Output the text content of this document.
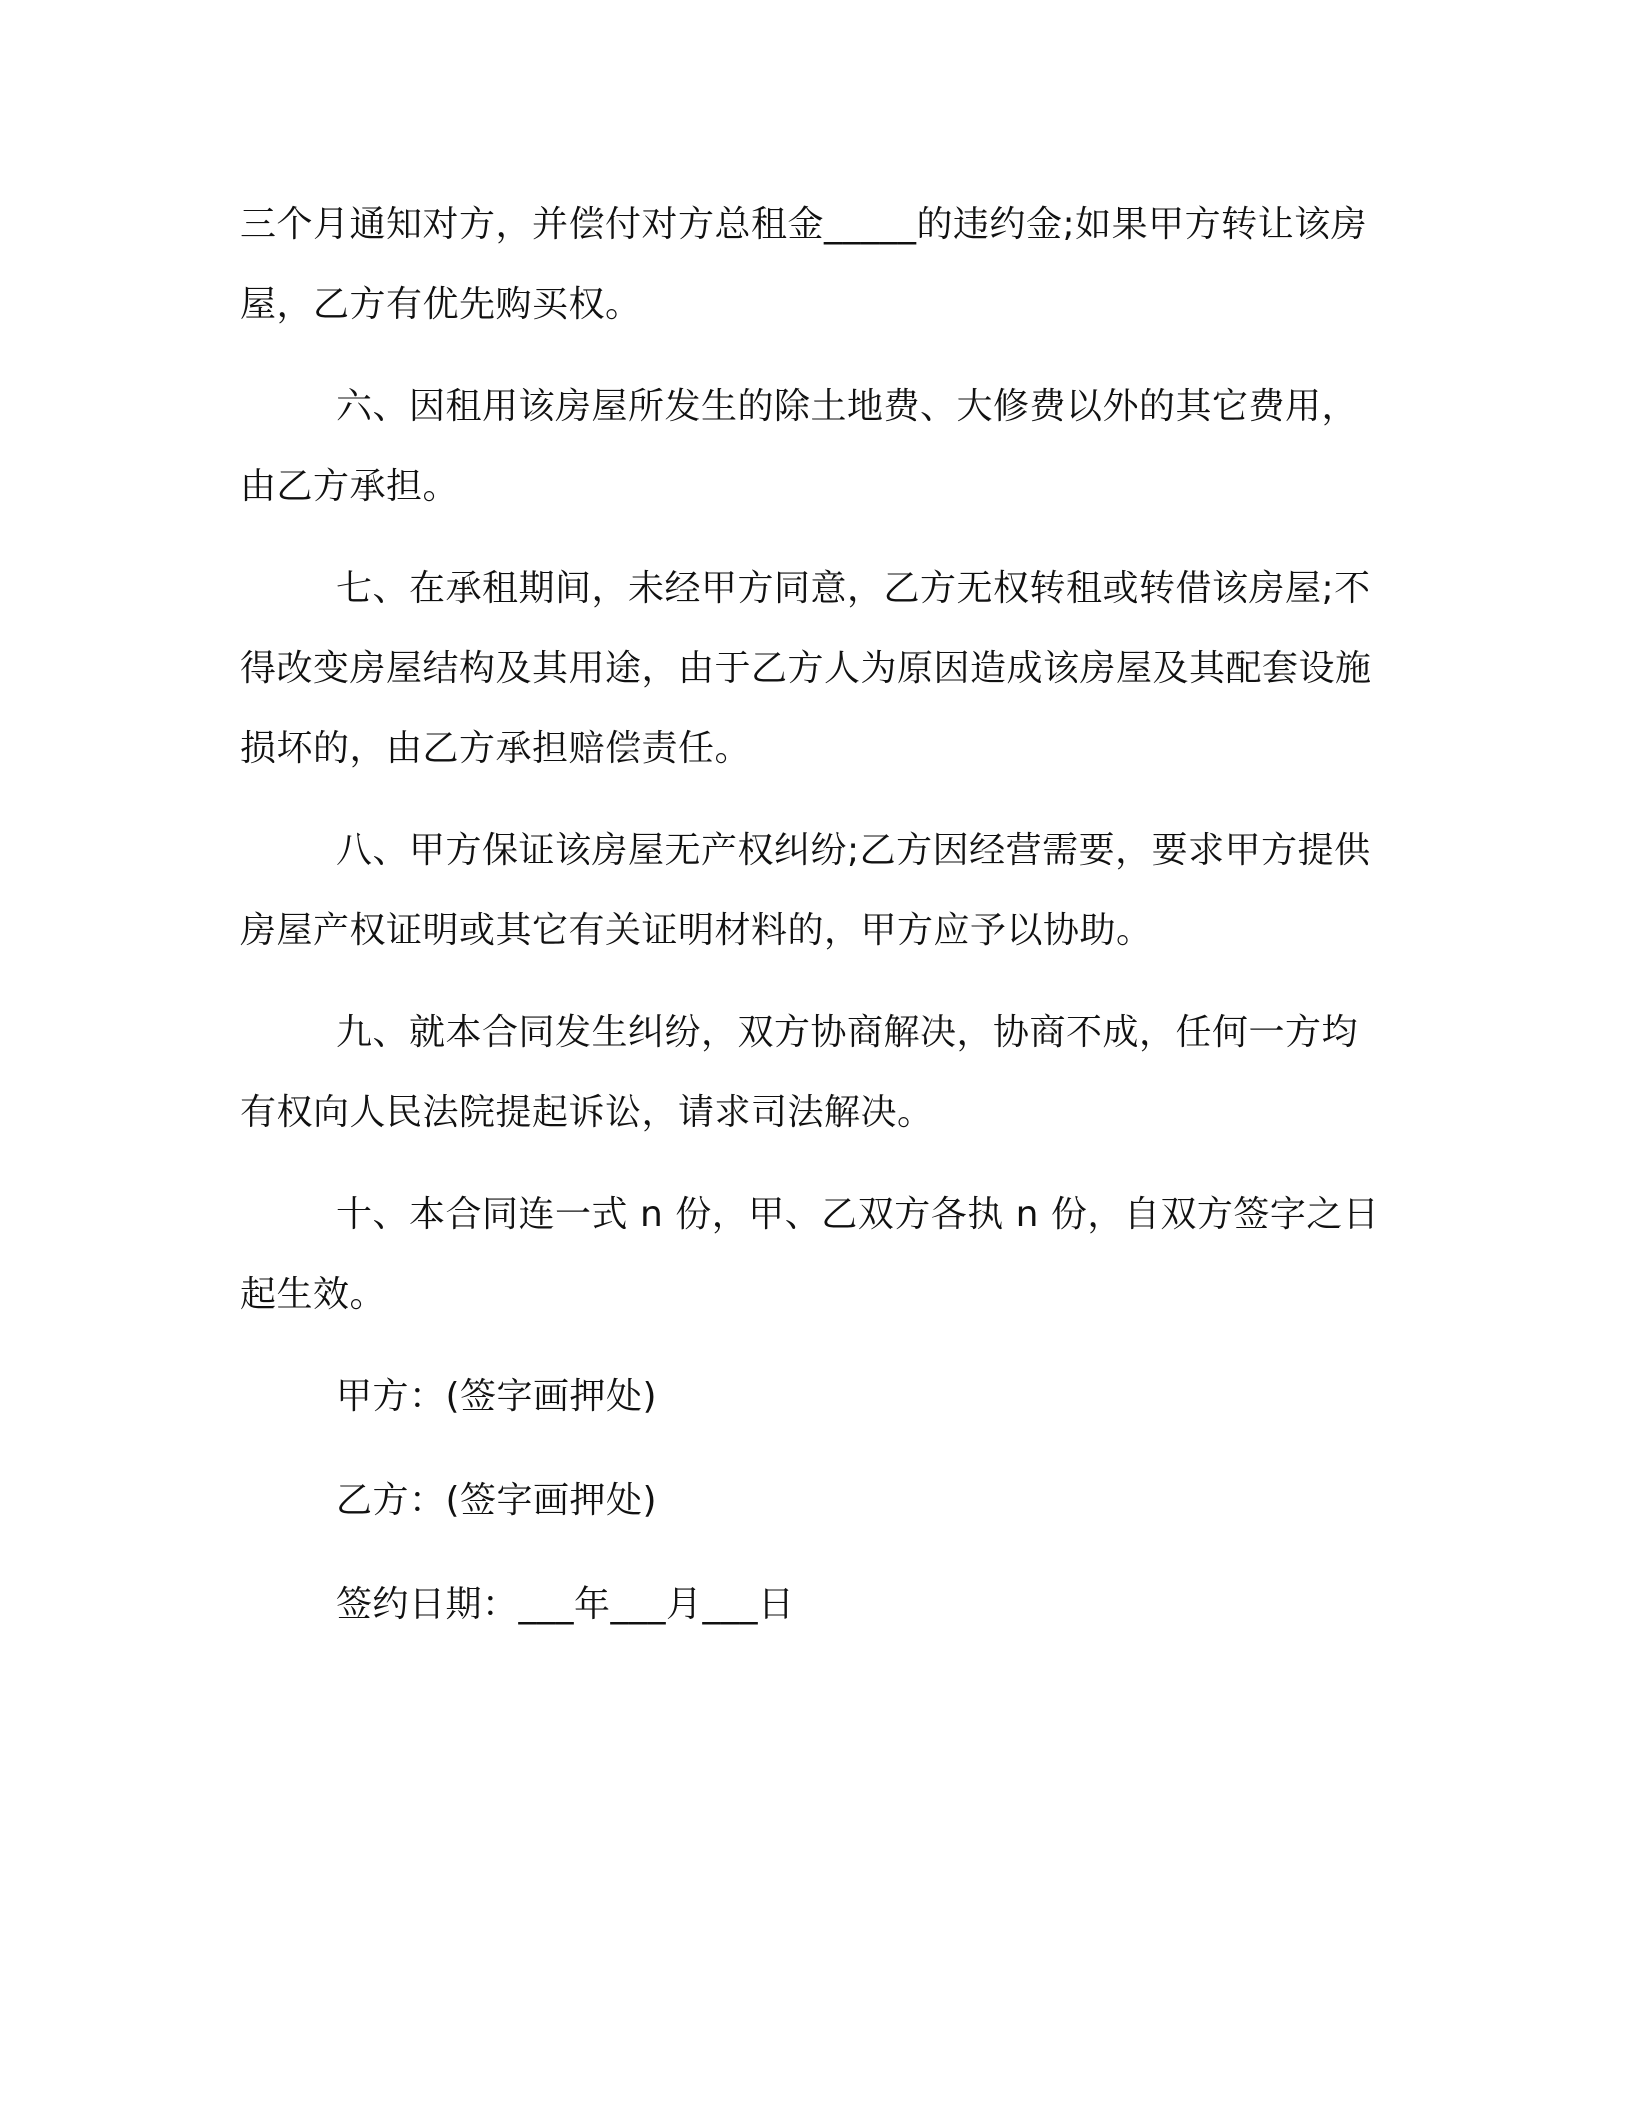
三个月通知对方，并偿付对方总租金_____的违约金;如果甲方转让该房屋，乙方有优先购买权。

六、因租用该房屋所发生的除土地费、大修费以外的其它费用，由乙方承担。

七、在承租期间，未经甲方同意，乙方无权转租或转借该房屋;不得改变房屋结构及其用途，由于乙方人为原因造成该房屋及其配套设施损坏的，由乙方承担赔偿责任。

八、甲方保证该房屋无产权纠纷;乙方因经营需要，要求甲方提供房屋产权证明或其它有关证明材料的，甲方应予以协助。

九、就本合同发生纠纷，双方协商解决，协商不成，任何一方均有权向人民法院提起诉讼，请求司法解决。

十、本合同连一式 n 份，甲、乙双方各执 n 份，自双方签字之日起生效。

甲方：(签字画押处)

乙方：(签字画押处)

签约日期：___年___月___日
